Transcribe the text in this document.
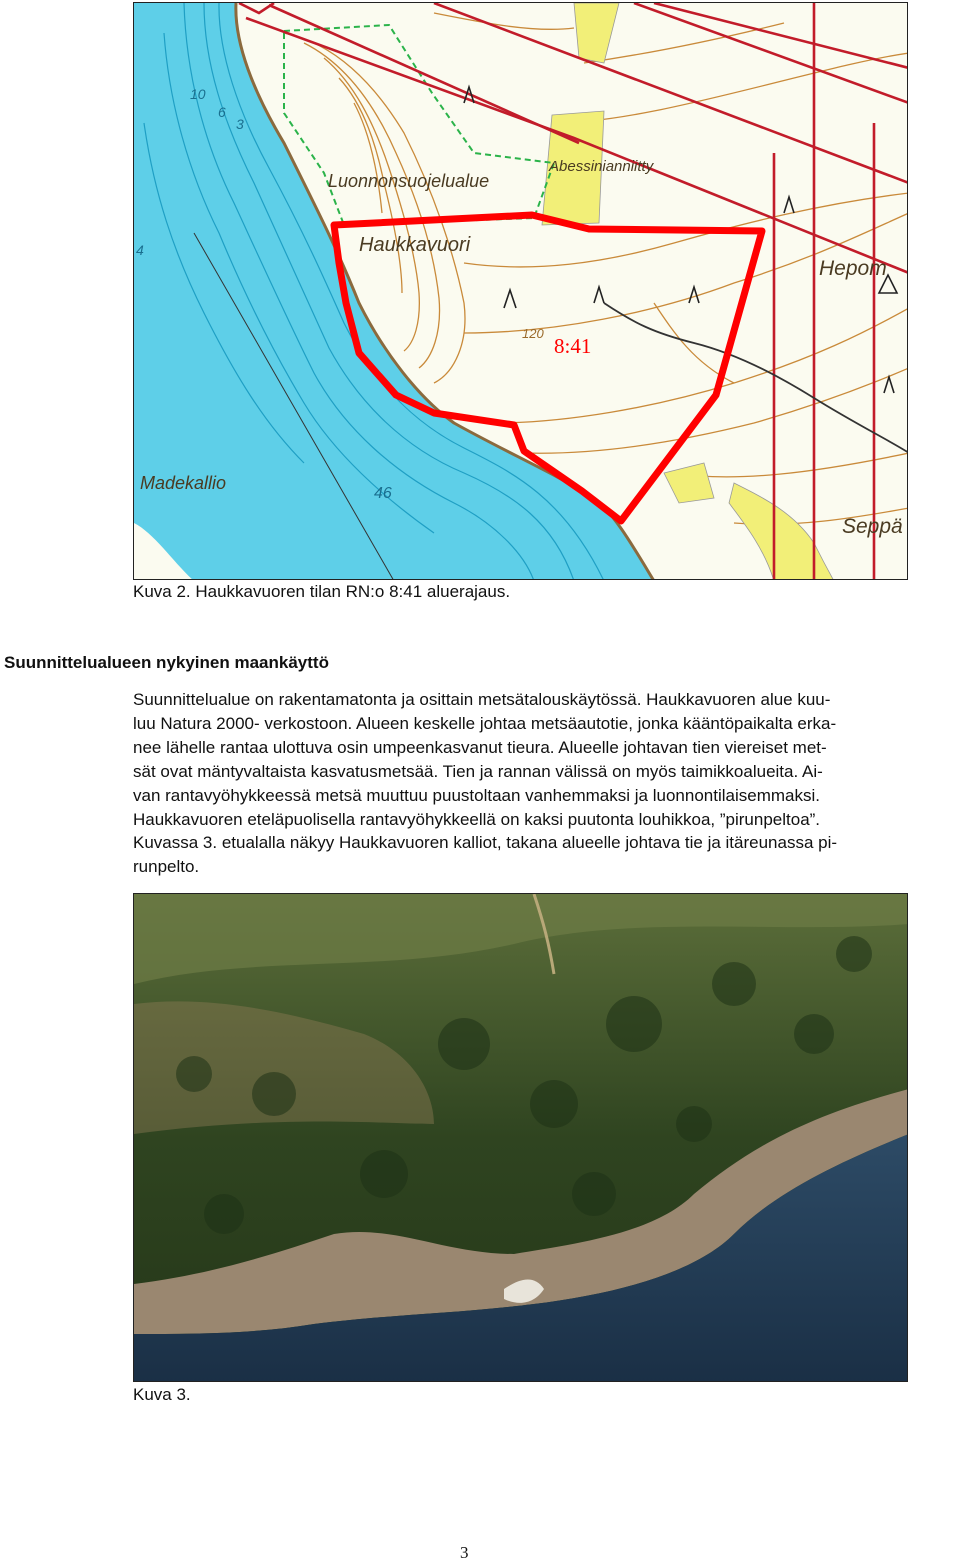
Luonnonsuojelualue
Haukkavuori
Abessinianniitty
Hepom
Madekallio
Seppä
46
10
6
3
4
120
8:41
Kuva 2. Haukkavuoren tilan RN:o 8:41 aluerajaus.
Suunnittelualueen nykyinen maankäyttö
Suunnittelualue on rakentamatonta ja osittain metsätalouskäytössä. Haukkavuoren alue kuu-
luu Natura 2000- verkostoon. Alueen keskelle johtaa metsäautotie, jonka kääntöpaikalta erka-
nee lähelle rantaa ulottuva osin umpeenkasvanut tieura. Alueelle johtavan tien viereiset met-
sät ovat mäntyvaltaista kasvatusmetsää. Tien ja rannan välissä on myös taimikkoalueita. Ai-
van rantavyöhykkeessä metsä muuttuu puustoltaan vanhemmaksi ja luonnontilaisemmaksi.
Haukkavuoren eteläpuolisella rantavyöhykkeellä on kaksi puutonta louhikkoa, ”pirunpeltoa”.
Kuvassa 3. etualalla näkyy Haukkavuoren kalliot, takana alueelle johtava tie ja itäreunassa pi-
runpelto.
Kuva 3.
3
